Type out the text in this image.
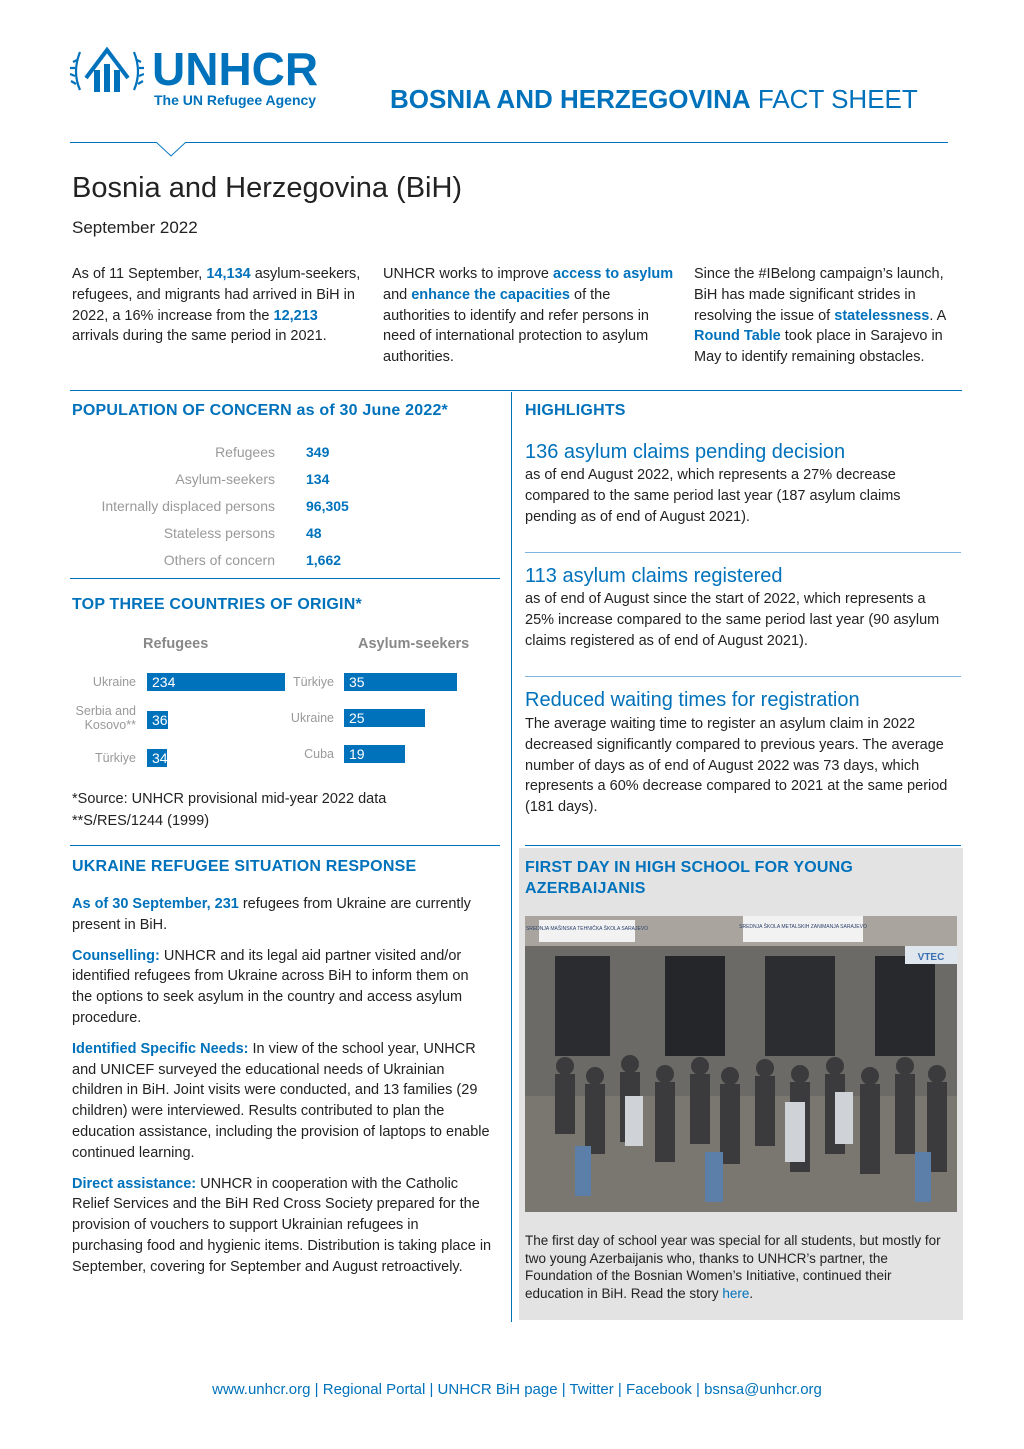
UNHCR
The UN Refugee Agency	BOSNIA AND HERZEGOVINA FACT SHEET
Bosnia and Herzegovina (BiH)
September 2022
As of 11 September, 14,134 asylum-seekers, refugees, and migrants had arrived in BiH in 2022, a 16% increase from the 12,213 arrivals during the same period in 2021.
UNHCR works to improve access to asylum and enhance the capacities of the authorities to identify and refer persons in need of international protection to asylum authorities.
Since the #IBelong campaign’s launch, BiH has made significant strides in resolving the issue of statelessness. A Round Table took place in Sarajevo in May to identify remaining obstacles.
POPULATION OF CONCERN as of 30 June 2022*
Refugees 349
Asylum-seekers 134
Internally displaced persons 96,305
Stateless persons 48
Others of concern 1,662
TOP THREE COUNTRIES OF ORIGIN*
Refugees	Asylum-seekers
Ukraine	234
Serbia and
Kosovo**	36
Türkiye	34
Türkiye	35
Ukraine	25
Cuba	19
*Source: UNHCR provisional mid-year 2022 data
**S/RES/1244 (1999)
UKRAINE REFUGEE SITUATION RESPONSE

As of 30 September, 231 refugees from Ukraine are currently present in BiH.

Counselling: UNHCR and its legal aid partner visited and/or identified refugees from Ukraine across BiH to inform them on the options to seek asylum in the country and access asylum procedure.

Identified Specific Needs: In view of the school year, UNHCR and UNICEF surveyed the educational needs of Ukrainian children in BiH. Joint visits were conducted, and 13 families (29 children) were interviewed. Results contributed to plan the education assistance, including the provision of laptops to enable continued learning.

Direct assistance: UNHCR in cooperation with the Catholic Relief Services and the BiH Red Cross Society prepared for the provision of vouchers to support Ukrainian refugees in purchasing food and hygienic items. Distribution is taking place in September, covering for September and August retroactively.

HIGHLIGHTS
136 asylum claims pending decision
as of end August 2022, which represents a 27% decrease compared to the same period last year (187 asylum claims pending as of end of August 2021).
113 asylum claims registered
as of end of August since the start of 2022, which represents a 25% increase compared to the same period last year (90 asylum claims registered as of end of August 2021).
Reduced waiting times for registration
The average waiting time to register an asylum claim in 2022 decreased significantly compared to previous years. The average number of days as of end of August 2022 was 73 days, which represents a 60% decrease compared to 2021 at the same period (181 days).
FIRST DAY IN HIGH SCHOOL FOR YOUNG AZERBAIJANIS
SREDNJA MAŠINSKA TEHNIČKA ŠKOLA SARAJEVO	SREDNJA ŠKOLA METALSKIH ZANIMANJA SARAJEVO
VTEC
The first day of school year was special for all students, but mostly for two young Azerbaijanis who, thanks to UNHCR’s partner, the Foundation of the Bosnian Women’s Initiative, continued their education in BiH. Read the story here.
www.unhcr.org | Regional Portal | UNHCR BiH page | Twitter | Facebook | bsnsa@unhcr.org
